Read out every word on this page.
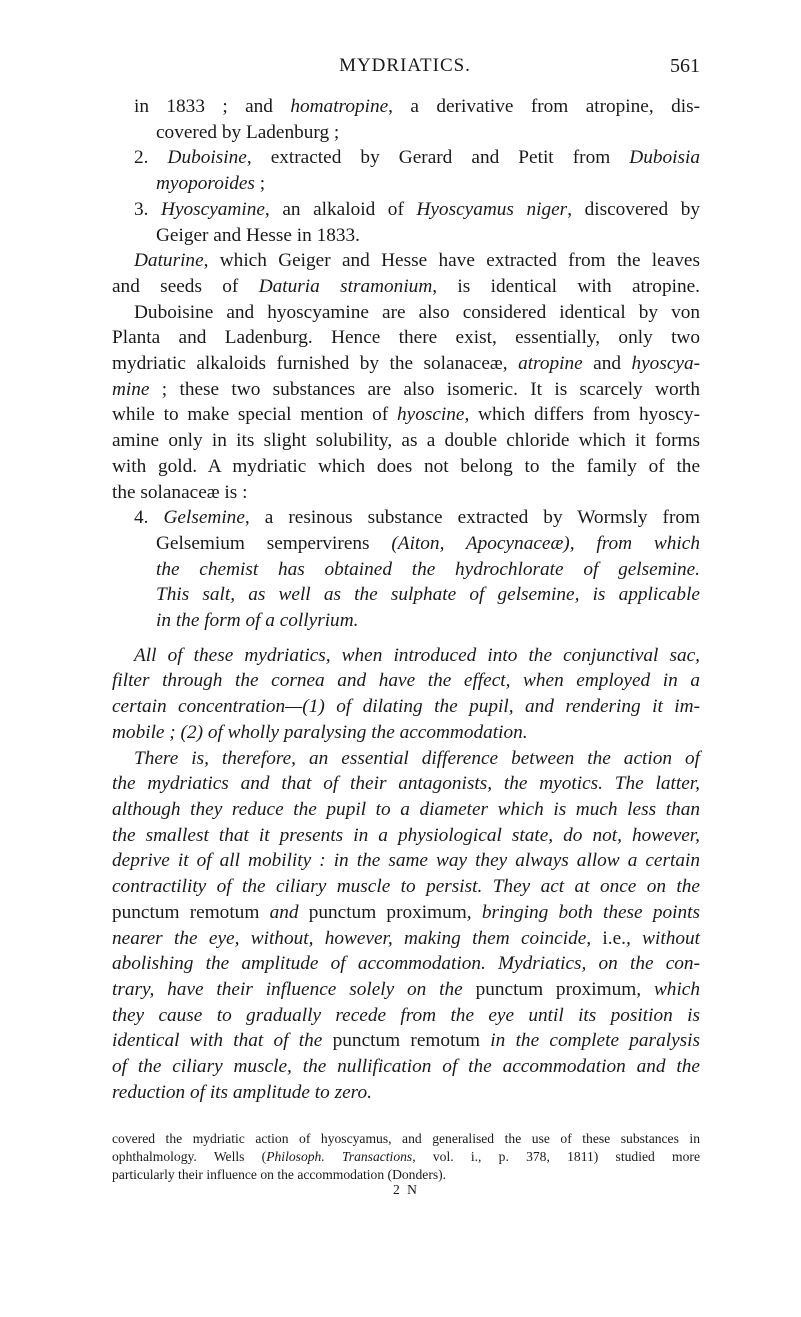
MYDRIATICS.	561
in 1833 ; and homatropine, a derivative from atropine, dis-
covered by Ladenburg ;
2. Duboisine, extracted by Gerard and Petit from Duboisia
myoporoides ;
3. Hyoscyamine, an alkaloid of Hyoscyamus niger, discovered by
Geiger and Hesse in 1833.
Daturine, which Geiger and Hesse have extracted from the leaves
and seeds of Daturia stramonium, is identical with atropine.
Duboisine and hyoscyamine are also considered identical by von
Planta and Ladenburg. Hence there exist, essentially, only two
mydriatic alkaloids furnished by the solanaceæ, atropine and hyoscya-
mine ; these two substances are also isomeric. It is scarcely worth
while to make special mention of hyoscine, which differs from hyoscy-
amine only in its slight solubility, as a double chloride which it forms
with gold. A mydriatic which does not belong to the family of the
the solanaceæ is :
4. Gelsemine, a resinous substance extracted by Wormsly from
Gelsemium sempervirens (Aiton, Apocynaceæ), from which
the chemist has obtained the hydrochlorate of gelsemine.
This salt, as well as the sulphate of gelsemine, is applicable
in the form of a collyrium.
All of these mydriatics, when introduced into the conjunctival sac,
filter through the cornea and have the effect, when employed in a
certain concentration—(1) of dilating the pupil, and rendering it im-
mobile ; (2) of wholly paralysing the accommodation.
There is, therefore, an essential difference between the action of
the mydriatics and that of their antagonists, the myotics. The latter,
although they reduce the pupil to a diameter which is much less than
the smallest that it presents in a physiological state, do not, however,
deprive it of all mobility : in the same way they always allow a certain
contractility of the ciliary muscle to persist. They act at once on the
punctum remotum and punctum proximum, bringing both these points
nearer the eye, without, however, making them coincide, i.e., without
abolishing the amplitude of accommodation. Mydriatics, on the con-
trary, have their influence solely on the punctum proximum, which
they cause to gradually recede from the eye until its position is
identical with that of the punctum remotum in the complete paralysis
of the ciliary muscle, the nullification of the accommodation and the
reduction of its amplitude to zero.
covered the mydriatic action of hyoscyamus, and generalised the use of these substances in
ophthalmology. Wells (Philosoph. Transactions, vol. i., p. 378, 1811) studied more
particularly their influence on the accommodation (Donders).
2 N
